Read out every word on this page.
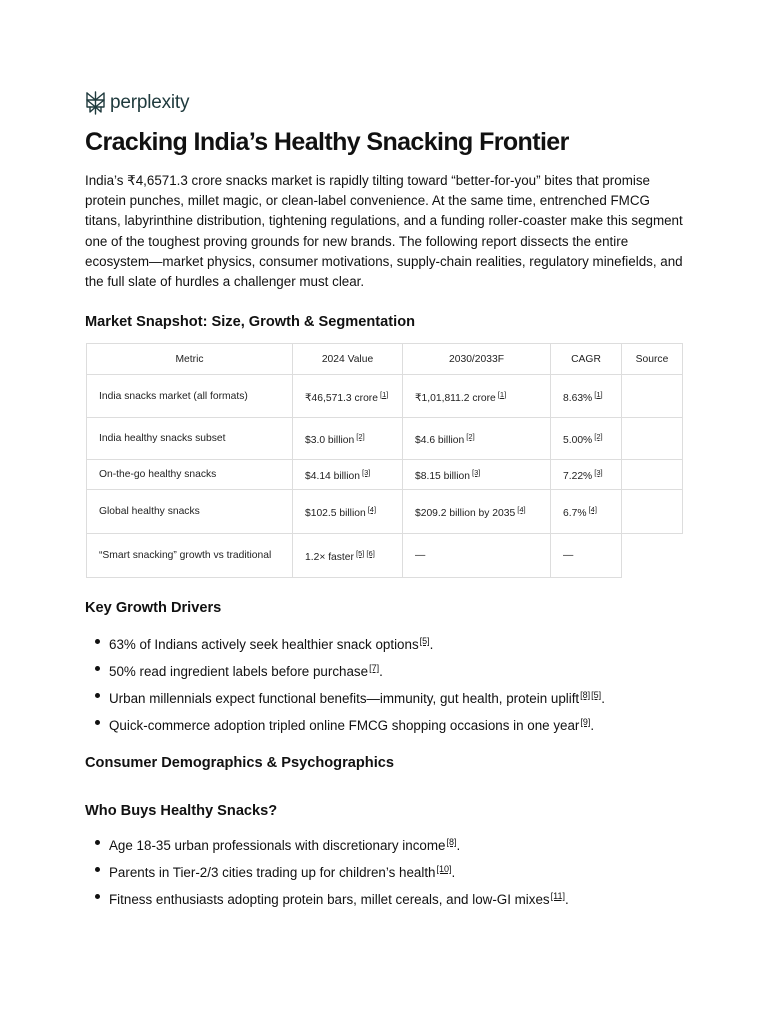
perplexity
Cracking India’s Healthy Snacking Frontier

India’s ₹4,6571.3 crore snacks market is rapidly tilting toward “better-for-you” bites that promise protein punches, millet magic, or clean-label convenience. At the same time, entrenched FMCG titans, labyrinthine distribution, tightening regulations, and a funding roller-coaster make this segment one of the toughest proving grounds for new brands. The following report dissects the entire ecosystem—market physics, consumer motivations, supply-chain realities, regulatory minefields, and the full slate of hurdles a challenger must clear.

Market Snapshot: Size, Growth & Segmentation
Metric	2024 Value	2030/2033F	CAGR	Source
India snacks market (all formats)	₹46,571.3 crore [1]	₹1,01,811.2 crore [1]	8.63% [1]	
India healthy snacks subset	$3.0 billion [2]	$4.6 billion [2]	5.00% [2]	
On-the-go healthy snacks	$4.14 billion [3]	$8.15 billion [3]	7.22% [3]	
Global healthy snacks	$102.5 billion [4]	$209.2 billion by 2035 [4]	6.7% [4]	
“Smart snacking” growth vs traditional	1.2× faster [5] [6]	—	—	
Key Growth Drivers
63% of Indians actively seek healthier snack options[5].
50% read ingredient labels before purchase[7].
Urban millennials expect functional benefits—immunity, gut health, protein uplift[8][5].
Quick-commerce adoption tripled online FMCG shopping occasions in one year[9].
Consumer Demographics & Psychographics
Who Buys Healthy Snacks?
Age 18-35 urban professionals with discretionary income[8].
Parents in Tier-2/3 cities trading up for children’s health[10].
Fitness enthusiasts adopting protein bars, millet cereals, and low-GI mixes[11].
